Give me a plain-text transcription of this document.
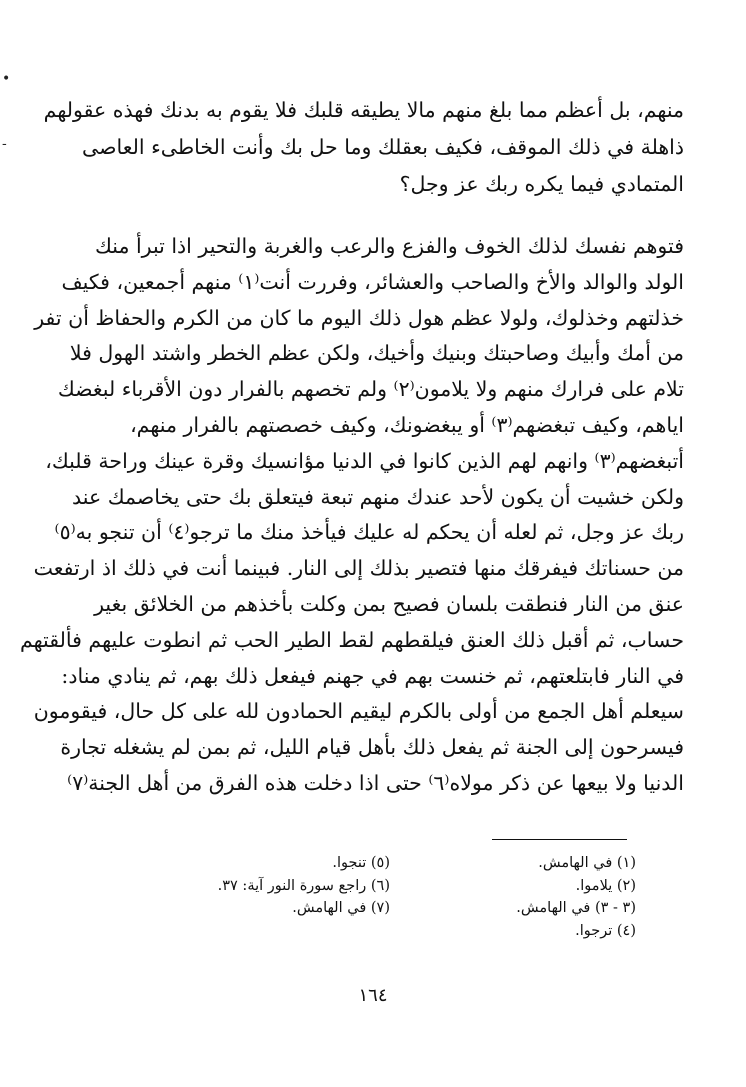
•
-
منهم، بل أعظم مما بلغ منهم مالا يطيقه قلبك فلا يقوم به بدنك فهذه عقولهم
ذاهلة في ذلك الموقف، فكيف بعقلك وما حل بك وأنت الخاطىء العاصى
المتمادي فيما يكره ربك عز وجل؟
فتوهم نفسك لذلك الخوف والفزع والرعب والغربة والتحير اذا تبرأ منك
الولد والوالد والأخ والصاحب والعشائر، وفررت أنت⁽١⁾ منهم أجمعين، فكيف
خذلتهم وخذلوك، ولولا عظم هول ذلك اليوم ما كان من الكرم والحفاظ أن تفر
من أمك وأبيك وصاحبتك وبنيك وأخيك، ولكن عظم الخطر واشتد الهول فلا
تلام على فرارك منهم ولا يلامون⁽٢⁾ ولم تخصهم بالفرار دون الأقرباء لبغضك
اياهم، وكيف تبغضهم⁽٣⁾ أو يبغضونك، وكيف خصصتهم بالفرار منهم،
أتبغضهم⁽٣⁾ وانهم لهم الذين كانوا في الدنيا مؤانسيك وقرة عينك وراحة قلبك،
ولكن خشيت أن يكون لأحد عندك منهم تبعة فيتعلق بك حتى يخاصمك عند
ربك عز وجل، ثم لعله أن يحكم له عليك فيأخذ منك ما ترجو⁽٤⁾ أن تنجو به⁽٥⁾
من حسناتك فيفرقك منها فتصير بذلك إلى النار. فبينما أنت في ذلك اذ ارتفعت
عنق من النار فنطقت بلسان فصيح بمن وكلت بأخذهم من الخلائق بغير
حساب، ثم أقبل ذلك العنق فيلقطهم لقط الطير الحب ثم انطوت عليهم فألقتهم
في النار فابتلعتهم، ثم خنست بهم في جهنم فيفعل ذلك بهم، ثم ينادي مناد:
سيعلم أهل الجمع من أولى بالكرم ليقيم الحمادون لله على كل حال، فيقومون
فيسرحون إلى الجنة ثم يفعل ذلك بأهل قيام الليل، ثم بمن لم يشغله تجارة
الدنيا ولا بيعها عن ذكر مولاه⁽٦⁾ حتى اذا دخلت هذه الفرق من أهل الجنة⁽٧⁾
(١) في الهامش.
(٢) يلاموا.
(٣ - ٣) في الهامش.
(٤) ترجوا.
(٥) تنجوا.
(٦) راجع سورة النور آية: ٣٧.
(٧) في الهامش.
١٦٤
